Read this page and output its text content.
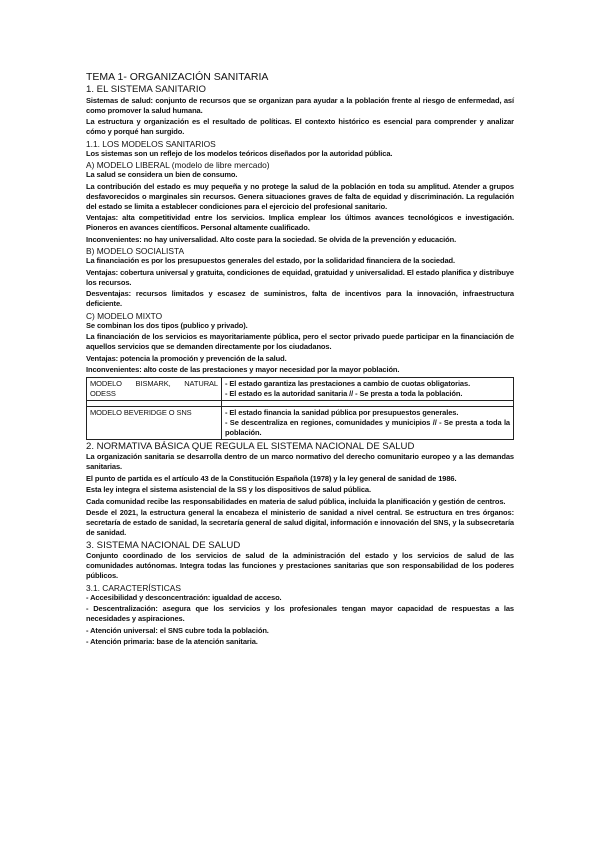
TEMA 1- ORGANIZACIÓN SANITARIA
1. EL SISTEMA SANITARIO

Sistemas de salud: conjunto de recursos que se organizan para ayudar a la población frente al riesgo de enfermedad, así como promover la salud humana.

La estructura y organización es el resultado de políticas. El contexto histórico es esencial para comprender y analizar cómo y porqué han surgido.

1.1. LOS MODELOS SANITARIOS

Los sistemas son un reflejo de los modelos teóricos diseñados por la autoridad pública.

A) MODELO LIBERAL (modelo de libre mercado)

La salud se considera un bien de consumo.

La contribución del estado es muy pequeña y no protege la salud de la población en toda su amplitud. Atender a grupos desfavorecidos o marginales sin recursos. Genera situaciones graves de falta de equidad y discriminación. La regulación del estado se limita a establecer condiciones para el ejercicio del profesional sanitario.

Ventajas: alta competitividad entre los servicios. Implica emplear los últimos avances tecnológicos e investigación. Pioneros en avances científicos. Personal altamente cualificado.

Inconvenientes: no hay universalidad. Alto coste para la sociedad. Se olvida de la prevención y educación.

B) MODELO SOCIALISTA

La financiación es por los presupuestos generales del estado, por la solidaridad financiera de la sociedad.

Ventajas: cobertura universal y gratuita, condiciones de equidad, gratuidad y universalidad. El estado planifica y distribuye los recursos.

Desventajas: recursos limitados y escasez de suministros, falta de incentivos para la innovación, infraestructura deficiente.

C) MODELO MIXTO

Se combinan los dos tipos (publico y privado).

La financiación de los servicios es mayoritariamente pública, pero el sector privado puede participar en la financiación de aquellos servicios que se demanden directamente por los ciudadanos.

Ventajas: potencia la promoción y prevención de la salud.

Inconvenientes: alto coste de las prestaciones y mayor necesidad por la mayor población.

MODELO BISMARK, NATURAL ODESS	- El estado garantiza las prestaciones a cambio de cuotas obligatorias.
- El estado es la autoridad sanitaria // - Se presta a toda la población.

MODELO BEVERIDGE O SNS	- El estado financia la sanidad pública por presupuestos generales.
- Se descentraliza en regiones, comunidades y municipios // - Se presta a toda la población.
2. NORMATIVA BÁSICA QUE REGULA EL SISTEMA NACIONAL DE SALUD

La organización sanitaria se desarrolla dentro de un marco normativo del derecho comunitario europeo y a las demandas sanitarias.

El punto de partida es el artículo 43 de la Constitución Española (1978) y la ley general de sanidad de 1986.

Esta ley integra el sistema asistencial de la SS y los dispositivos de salud pública.

Cada comunidad recibe las responsabilidades en materia de salud pública, incluida la planificación y gestión de centros.

Desde el 2021, la estructura general la encabeza el ministerio de sanidad a nivel central. Se estructura en tres órganos: secretaría de estado de sanidad, la secretaría general de salud digital, información e innovación del SNS, y la subsecretaría de sanidad.

3. SISTEMA NACIONAL DE SALUD

Conjunto coordinado de los servicios de salud de la administración del estado y los servicios de salud de las comunidades autónomas. Integra todas las funciones y prestaciones sanitarias que son responsabilidad de los poderes públicos.

3.1. CARACTERÍSTICAS

- Accesibilidad y desconcentración: igualdad de acceso.

- Descentralización: asegura que los servicios y los profesionales tengan mayor capacidad de respuestas a las necesidades y aspiraciones.

- Atención universal: el SNS cubre toda la población.

- Atención primaria: base de la atención sanitaria.
